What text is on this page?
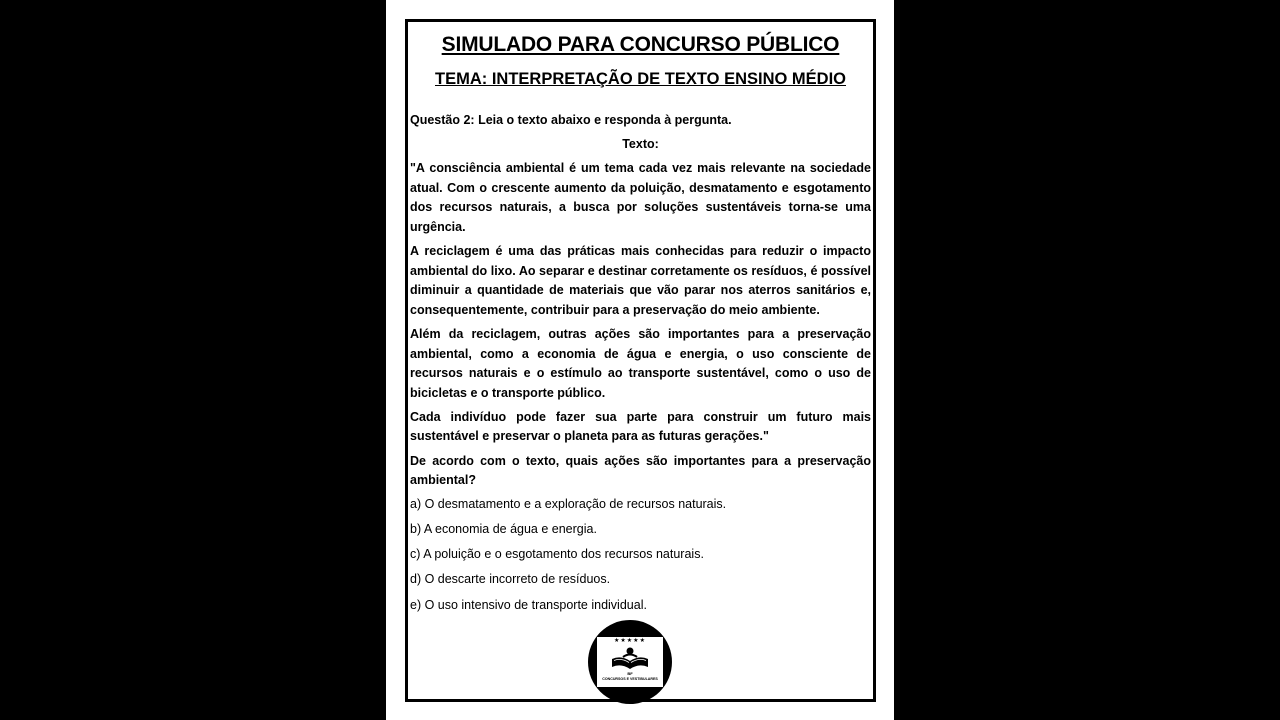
SIMULADO PARA CONCURSO PÚBLICO
TEMA: INTERPRETAÇÃO DE TEXTO ENSINO MÉDIO

Questão 2: Leia o texto abaixo e responda à pergunta.

Texto:

"A consciência ambiental é um tema cada vez mais relevante na sociedade atual. Com o crescente aumento da poluição, desmatamento e esgotamento dos recursos naturais, a busca por soluções sustentáveis torna-se uma urgência.

A reciclagem é uma das práticas mais conhecidas para reduzir o impacto ambiental do lixo. Ao separar e destinar corretamente os resíduos, é possível diminuir a quantidade de materiais que vão parar nos aterros sanitários e, consequentemente, contribuir para a preservação do meio ambiente.

Além da reciclagem, outras ações são importantes para a preservação ambiental, como a economia de água e energia, o uso consciente de recursos naturais e o estímulo ao transporte sustentável, como o uso de bicicletas e o transporte público.

Cada indivíduo pode fazer sua parte para construir um futuro mais sustentável e preservar o planeta para as futuras gerações."

De acordo com o texto, quais ações são importantes para a preservação ambiental?

a) O desmatamento e a exploração de recursos naturais.

b) A economia de água e energia.

c) A poluição e o esgotamento dos recursos naturais.

d) O descarte incorreto de resíduos.

e) O uso intensivo de transporte individual.

★★★★★
BF
CONCURSOS E VESTIBULARES
